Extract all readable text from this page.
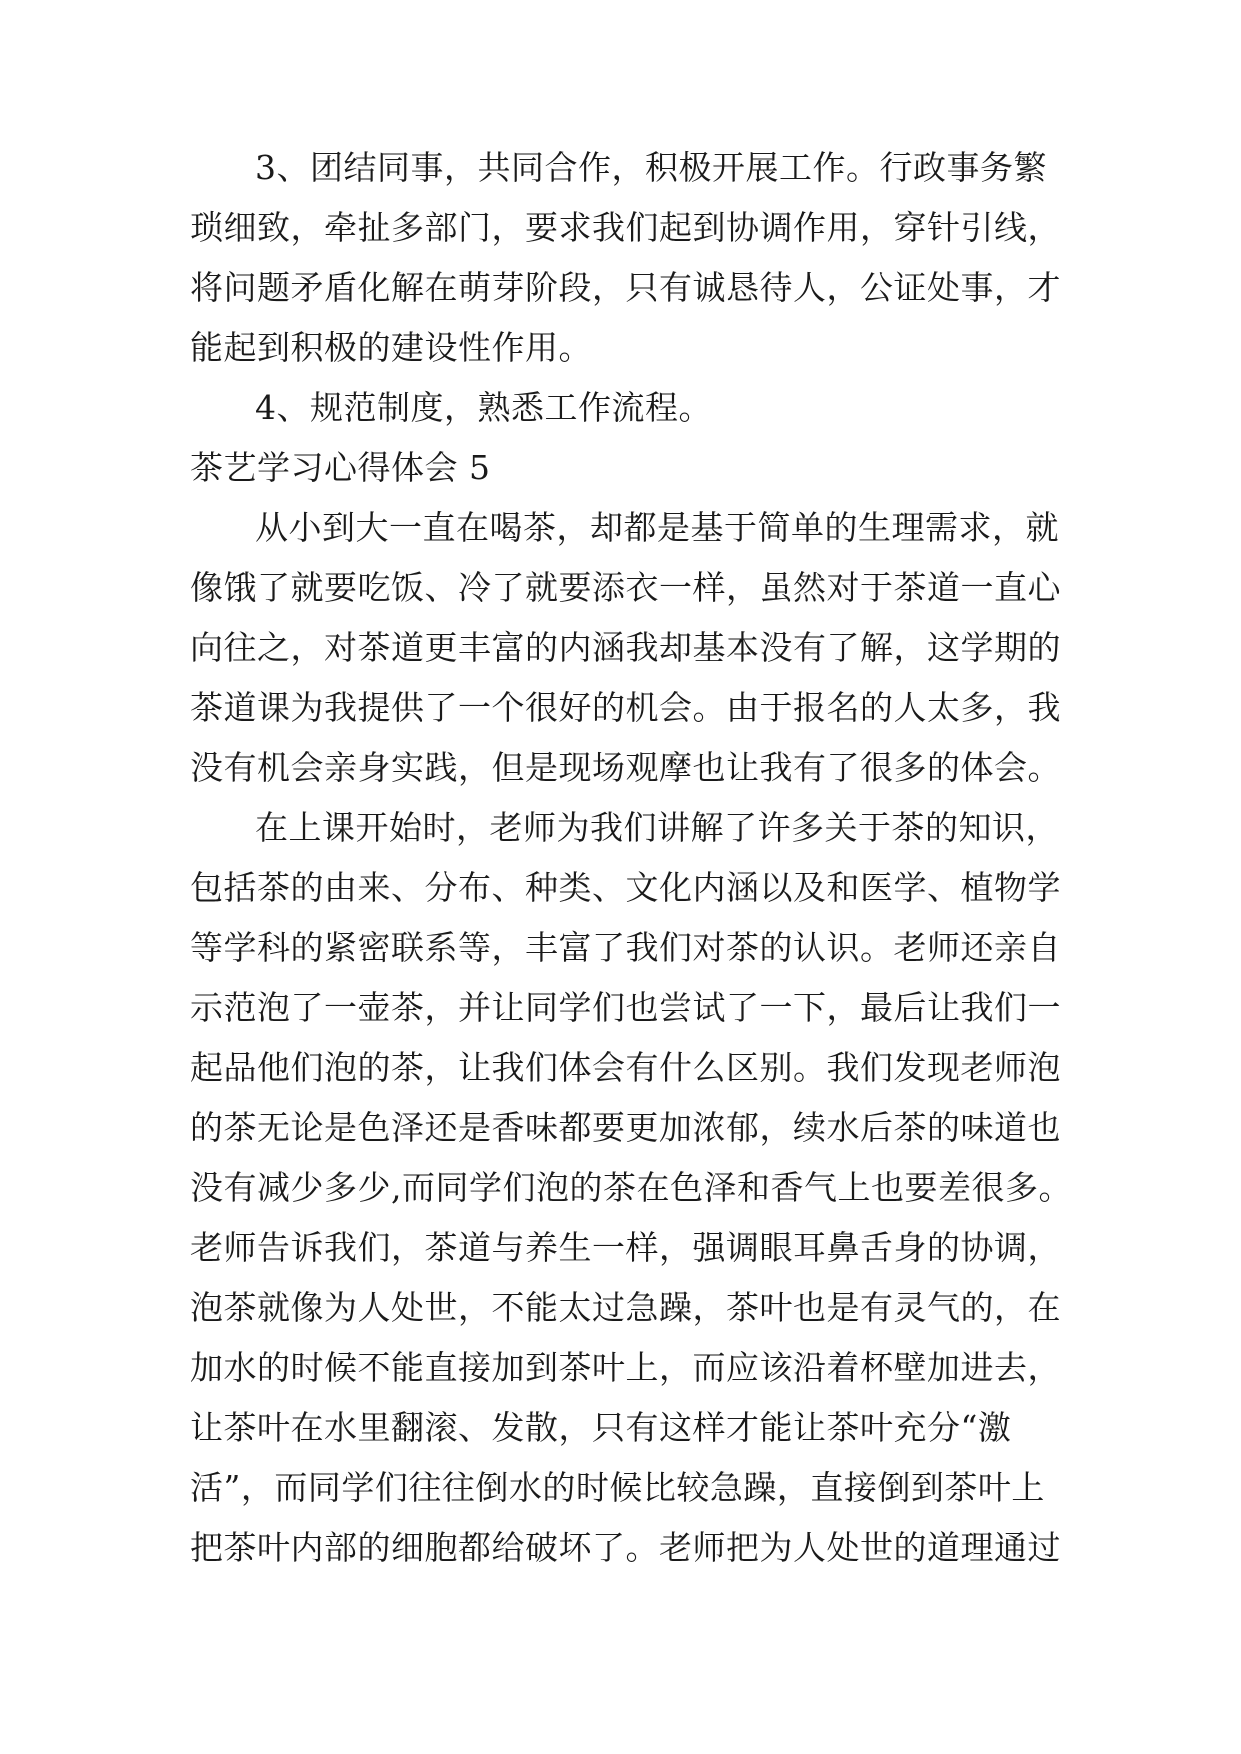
3、团结同事，共同合作，积极开展工作。行政事务繁
琐细致，牵扯多部门，要求我们起到协调作用，穿针引线，
将问题矛盾化解在萌芽阶段，只有诚恳待人，公证处事，才
能起到积极的建设性作用。
4、规范制度，熟悉工作流程。
茶艺学习心得体会 5
从小到大一直在喝茶，却都是基于简单的生理需求，就
像饿了就要吃饭、冷了就要添衣一样，虽然对于茶道一直心
向往之，对茶道更丰富的内涵我却基本没有了解，这学期的
茶道课为我提供了一个很好的机会。由于报名的人太多，我
没有机会亲身实践，但是现场观摩也让我有了很多的体会。
在上课开始时，老师为我们讲解了许多关于茶的知识，
包括茶的由来、分布、种类、文化内涵以及和医学、植物学
等学科的紧密联系等，丰富了我们对茶的认识。老师还亲自
示范泡了一壶茶，并让同学们也尝试了一下，最后让我们一
起品他们泡的茶，让我们体会有什么区别。我们发现老师泡
的茶无论是色泽还是香味都要更加浓郁，续水后茶的味道也
没有减少多少,而同学们泡的茶在色泽和香气上也要差很多。
老师告诉我们，茶道与养生一样，强调眼耳鼻舌身的协调，
泡茶就像为人处世，不能太过急躁，茶叶也是有灵气的，在
加水的时候不能直接加到茶叶上，而应该沿着杯壁加进去，
让茶叶在水里翻滚、发散，只有这样才能让茶叶充分“激
活”，而同学们往往倒水的时候比较急躁，直接倒到茶叶上
把茶叶内部的细胞都给破坏了。老师把为人处世的道理通过
